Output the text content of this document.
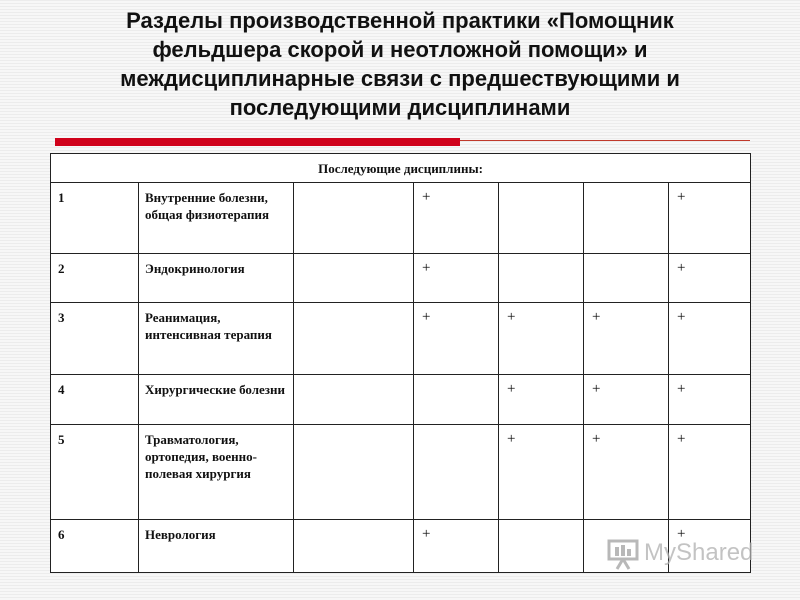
Разделы производственной практики «Помощник
фельдшера скорой и неотложной помощи» и
междисциплинарные связи с предшествующими и
последующими дисциплинами
Последующие дисциплины:						
1	Внутренние болезни, общая физиотерапия		+			+
2	Эндокринология		+			+
3	Реанимация, интенсивная терапия		+	+	+	+
4	Хирургические болезни			+	+	+
5	Травматология, ортопедия, военно-полевая хирургия			+	+	+
6	Неврология		+			+
MyShared
